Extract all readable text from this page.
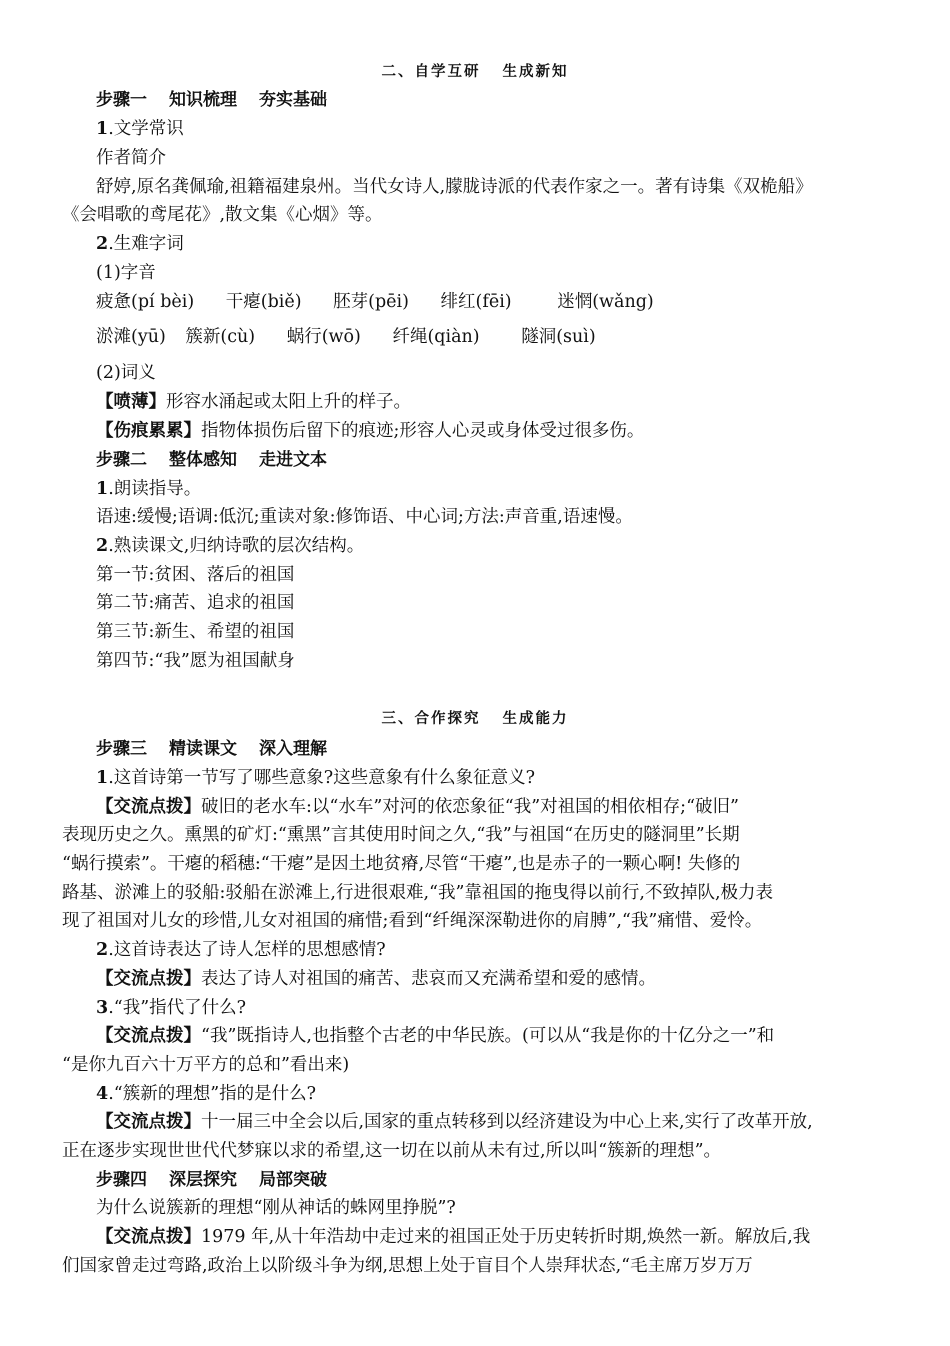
二、自学互研 生成新知
步骤一 知识梳理 夯实基础
1.文学常识
作者简介
舒婷,原名龚佩瑜,祖籍福建泉州。当代女诗人,朦胧诗派的代表作家之一。著有诗集《双桅船》
《会唱歌的鸢尾花》,散文集《心烟》等。
2.生难字词
(1)字音
疲惫(pí bèi) 干瘪(biě) 胚芽(pēi) 绯红(fēi)	迷惘(wǎng)
淤滩(yū) 簇新(cù) 蜗行(wō) 纤绳(qiàn) 隧洞(suì)
(2)词义
【喷薄】形容水涌起或太阳上升的样子。
【伤痕累累】指物体损伤后留下的痕迹;形容人心灵或身体受过很多伤。
步骤二 整体感知 走进文本
1.朗读指导。
语速:缓慢;语调:低沉;重读对象:修饰语、中心词;方法:声音重,语速慢。
2.熟读课文,归纳诗歌的层次结构。
第一节:贫困、落后的祖国
第二节:痛苦、追求的祖国
第三节:新生、希望的祖国
第四节:“我”愿为祖国献身
三、合作探究 生成能力
步骤三 精读课文 深入理解
1.这首诗第一节写了哪些意象?这些意象有什么象征意义?
【交流点拨】破旧的老水车:以“水车”对河的依恋象征“我”对祖国的相依相存;“破旧”
表现历史之久。熏黑的矿灯:“熏黑”言其使用时间之久,“我”与祖国“在历史的隧洞里”长期
“蜗行摸索”。干瘪的稻穗:“干瘪”是因土地贫瘠,尽管“干瘪”,也是赤子的一颗心啊! 失修的
路基、淤滩上的驳船:驳船在淤滩上,行进很艰难,“我”靠祖国的拖曳得以前行,不致掉队,极力表
现了祖国对儿女的珍惜,儿女对祖国的痛惜;看到“纤绳深深勒进你的肩膊”,“我”痛惜、爱怜。
2.这首诗表达了诗人怎样的思想感情?
【交流点拨】表达了诗人对祖国的痛苦、悲哀而又充满希望和爱的感情。
3.“我”指代了什么?
【交流点拨】“我”既指诗人,也指整个古老的中华民族。(可以从“我是你的十亿分之一”和
“是你九百六十万平方的总和”看出来)
4.“簇新的理想”指的是什么?
【交流点拨】十一届三中全会以后,国家的重点转移到以经济建设为中心上来,实行了改革开放,
正在逐步实现世世代代梦寐以求的希望,这一切在以前从未有过,所以叫“簇新的理想”。
步骤四 深层探究 局部突破
为什么说簇新的理想“刚从神话的蛛网里挣脱”?
【交流点拨】1979 年,从十年浩劫中走过来的祖国正处于历史转折时期,焕然一新。解放后,我
们国家曾走过弯路,政治上以阶级斗争为纲,思想上处于盲目个人崇拜状态,“毛主席万岁万万
